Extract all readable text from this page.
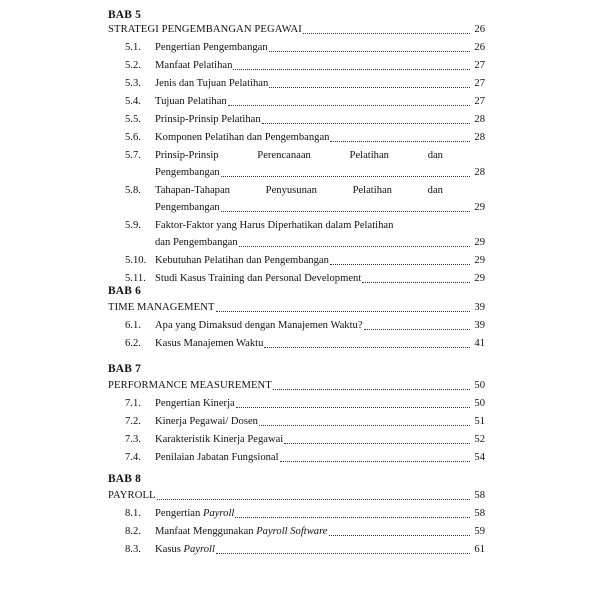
BAB 5
STRATEGI PENGEMBANGAN PEGAWAI	26
5.1.	Pengertian Pengembangan	26
5.2.	Manfaat Pelatihan	27
5.3.	Jenis dan Tujuan Pelatihan	27
5.4.	Tujuan Pelatihan	27
5.5.	Prinsip-Prinsip Pelatihan	28
5.6.	Komponen Pelatihan dan Pengembangan	28
5.7.	Prinsip-Prinsip	Perencanaan	Pelatihan	dan
Pengembangan	28
5.8.	Tahapan-Tahapan	Penyusunan	Pelatihan	dan
Pengembangan	29
5.9.	Faktor-Faktor yang Harus Diperhatikan dalam Pelatihan
dan Pengembangan	29
5.10. Kebutuhan Pelatihan dan Pengembangan	29
5.11. Studi Kasus Training dan Personal Development	29
BAB 6
TIME MANAGEMENT	39
6.1.	Apa yang Dimaksud dengan Manajemen Waktu?	39
6.2.	Kasus Manajemen Waktu	41
BAB 7
PERFORMANCE MEASUREMENT	50
7.1.	Pengertian Kinerja	50
7.2.	Kinerja Pegawai/ Dosen	51
7.3.	Karakteristik Kinerja Pegawai	52
7.4.	Penilaian Jabatan Fungsional	54
BAB 8
PAYROLL	58
8.1.	Pengertian Payroll	58
8.2.	Manfaat Menggunakan Payroll Software	59
8.3.	Kasus Payroll	61
